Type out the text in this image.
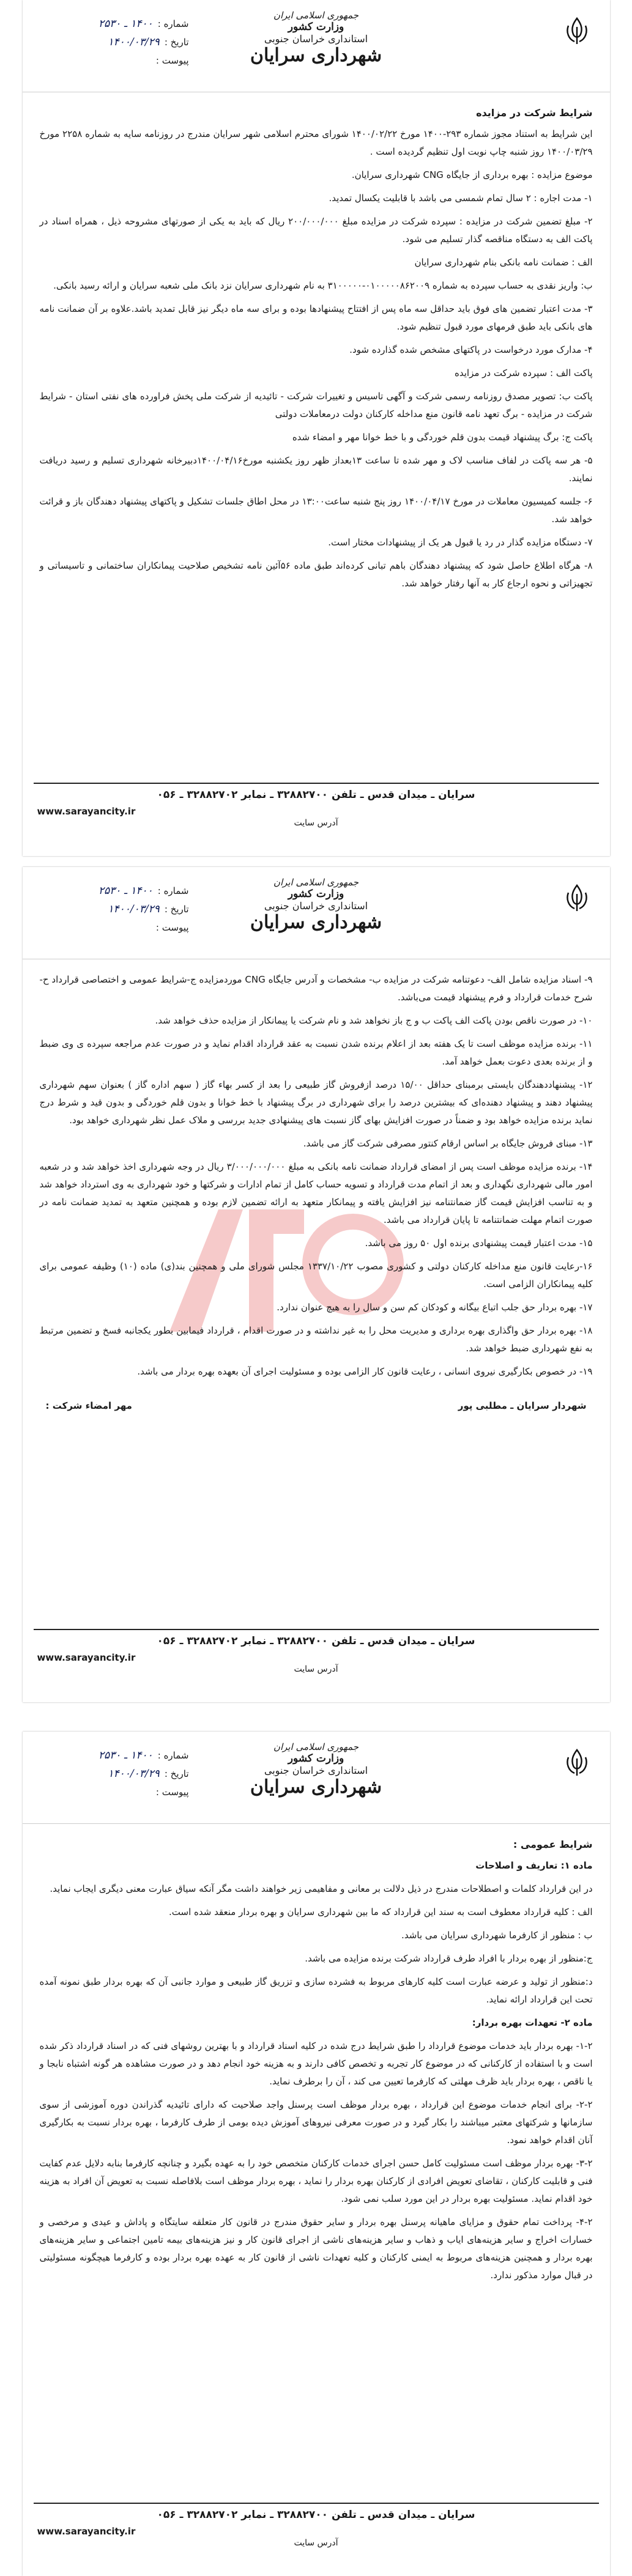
جمهوری اسلامی ایران
وزارت کشور
استانداری خراسان جنوبی
شهرداری سرایان
شماره :
۱۴۰۰ ـ ۲۵۳۰
تاریخ :
۱۴۰۰/۰۳/۲۹
پیوست :
شرایط شرکت در مزایده

این شرایط به استناد مجوز شماره ۲۹۳-۱۴۰۰ مورخ ۱۴۰۰/۰۲/۲۲ شورای محترم اسلامی شهر سرایان مندرج در روزنامه سایه به شماره ۲۲۵۸ مورخ ۱۴۰۰/۰۳/۲۹ روز شنبه چاپ نوبت اول تنظیم گردیده است .

موضوع مزایده : بهره برداری از جایگاه CNG شهرداری سرایان.

۱- مدت اجاره : ۲ سال تمام شمسی می باشد با قابلیت یکسال تمدید.

۲- مبلغ تضمین شرکت در مزایده : سپرده شرکت در مزایده مبلغ ۲۰۰/۰۰۰/۰۰۰ ریال که باید به یکی از صورتهای مشروحه ذیل ، همراه اسناد در پاکت الف به دستگاه مناقصه گذار تسلیم می شود.

الف : ضمانت نامه بانکی بنام شهرداری سرایان

ب: واریز نقدی به حساب سپرده به شماره ۰۱۰۰۰۰۰۸۶۲۰۰۹-۳۱۰۰۰۰۰ به نام شهرداری سرایان نزد بانک ملی شعبه سرایان و ارائه رسید بانکی.

۳- مدت اعتبار تضمین های فوق باید حداقل سه ماه پس از افتتاح پیشنهادها بوده و برای سه ماه دیگر نیز قابل تمدید باشد.علاوه بر آن ضمانت نامه های بانکی باید طبق فرمهای مورد قبول تنظیم شود.

۴- مدارک مورد درخواست در پاکتهای مشخص شده گذارده شود.

پاکت الف : سپرده شرکت در مزایده

پاکت ب: تصویر مصدق روزنامه رسمی شرکت و آگهی تاسیس و تغییرات شرکت - تائیدیه از شرکت ملی پخش فراورده های نفتی استان - شرایط شرکت در مزایده - برگ تعهد نامه قانون منع مداخله کارکنان دولت درمعاملات دولتی

پاکت ج: برگ پیشنهاد قیمت بدون قلم خوردگی و با خط خوانا مهر و امضاء شده

۵- هر سه پاکت در لفاف مناسب لاک و مهر شده تا ساعت ۱۳بعداز ظهر روز یکشنبه مورخ۱۴۰۰/۰۴/۱۶دبیرخانه شهرداری تسلیم و رسید دریافت نمایند.

۶- جلسه کمیسیون معاملات در مورخ ۱۴۰۰/۰۴/۱۷ روز پنج شنبه ساعت۱۳:۰۰ در محل اطاق جلسات تشکیل و پاکتهای پیشنهاد دهندگان باز و قرائت خواهد شد.

۷- دستگاه مزایده گذار در رد یا قبول هر یک از پیشنهادات مختار است.

۸- هرگاه اطلاع حاصل شود که پیشنهاد دهندگان باهم تبانی کرده‌اند طبق ماده ۵۶آئین نامه تشخیص صلاحیت پیمانکاران ساختمانی و تاسیساتی و تجهیزاتی و نحوه ارجاع کار به آنها رفتار خواهد شد.

سرایان ـ میدان قدس ـ تلفن ۳۲۸۸۲۷۰۰ ـ نمابر ۳۲۸۸۲۷۰۲ ـ ۰۵۶
www.sarayancity.ir
آدرس سایت
جمهوری اسلامی ایران
وزارت کشور
استانداری خراسان جنوبی
شهرداری سرایان
شماره :
۱۴۰۰ ـ ۲۵۳۰
تاریخ :
۱۴۰۰/۰۳/۲۹
پیوست :

۹- اسناد مزایده شامل الف- دعوتنامه شرکت در مزایده ب- مشخصات و آدرس جایگاه CNG موردمزایده ج-شرایط عمومی و اختصاصی قرارداد ح-شرح خدمات قرارداد و فرم پیشنهاد قیمت می‌باشد.

۱۰- در صورت ناقص بودن پاکت الف پاکت ب و ج باز نخواهد شد و نام شرکت یا پیمانکار از مزایده حذف خواهد شد.

۱۱- برنده مزایده موظف است تا یک هفته بعد از اعلام برنده شدن نسبت به عقد قرارداد اقدام نماید و در صورت عدم مراجعه سپرده ی وی ضبط و از برنده بعدی دعوت بعمل خواهد آمد.

۱۲- پیشنهاددهندگان بایستی برمبنای حداقل ۱۵/۰۰ درصد ازفروش گاز طبیعی را بعد از کسر بهاء گاز ( سهم اداره گاز ) بعنوان سهم شهرداری پیشنهاد دهند و پیشنهاد دهنده‌ای که بیشترین درصد را برای شهرداری در برگ پیشنهاد با خط خوانا و بدون قلم خوردگی و بدون قید و شرط درج نماید برنده مزایده خواهد بود و ضمناً در صورت افزایش بهای گاز نسبت های پیشنهادی جدید بررسی و ملاک عمل نظر شهرداری خواهد بود.

۱۳- مبنای فروش جایگاه بر اساس ارقام کنتور مصرفی شرکت گاز می باشد.

۱۴- برنده مزایده موظف است پس از امضای قرارداد ضمانت نامه بانکی به مبلغ ۳/۰۰۰/۰۰۰/۰۰۰ ریال در وجه شهرداری اخذ خواهد شد و در شعبه امور مالی شهرداری نگهداری و بعد از اتمام مدت قرارداد و تسویه حساب کامل از تمام ادارات و شرکتها و خود شهرداری به وی استرداد خواهد شد و به تناسب افزایش قیمت گاز ضمانتنامه نیز افزایش یافته و پیمانکار متعهد به ارائه تضمین لازم بوده و همچنین متعهد به تمدید ضمانت نامه در صورت اتمام مهلت ضمانتنامه تا پایان قرارداد می باشد.

۱۵- مدت اعتبار قیمت پیشنهادی برنده اول ۵۰ روز می باشد.

۱۶-رعایت قانون منع مداخله کارکنان دولتی و کشوری مصوب ۱۳۳۷/۱۰/۲۲ مجلس شورای ملی و همچنین بند(ی) ماده (۱۰) وظیفه عمومی برای کلیه پیمانکاران الزامی است.

۱۷- بهره بردار حق جلب اتباع بیگانه و کودکان کم سن و سال را به هیچ عنوان ندارد.

۱۸- بهره بردار حق واگذاری بهره برداری و مدیریت محل را به غیر نداشته و در صورت اقدام ، قرارداد فیمابین بطور یکجانبه فسخ و تضمین مرتبط به نفع شهرداری ضبط خواهد شد.

۱۹- در خصوص بکارگیری نیروی انسانی ، رعایت قانون کار الزامی بوده و مسئولیت اجرای آن بعهده بهره بردار می باشد.

شهردار سرایان ـ مطلبی پور
مهر امضاء شرکت :
سرایان ـ میدان قدس ـ تلفن ۳۲۸۸۲۷۰۰ ـ نمابر ۳۲۸۸۲۷۰۲ ـ ۰۵۶
www.sarayancity.ir
آدرس سایت
جمهوری اسلامی ایران
وزارت کشور
استانداری خراسان جنوبی
شهرداری سرایان
شماره :
۱۴۰۰ ـ ۲۵۳۰
تاریخ :
۱۴۰۰/۰۳/۲۹
پیوست :
شرایط عمومی :

ماده ۱: تعاریف و اصلاحات

در این قرارداد کلمات و اصطلاحات مندرج در ذیل دلالت بر معانی و مفاهیمی زیر خواهند داشت مگر آنکه سیاق عبارت معنی دیگری ایجاب نماید.

الف : کلیه قرارداد معطوف است به سند این قرارداد که ما بین شهرداری سرایان و بهره بردار منعقد شده است.

ب : منظور از کارفرما شهرداری سرایان می باشد.

ج:منظور از بهره بردار با افراد طرف قرارداد شرکت برنده مزایده می باشد.

د:منظور از تولید و عرضه عبارت است کلیه کارهای مربوط به فشرده سازی و تزریق گاز طبیعی و موارد جانبی آن که بهره بردار طبق نمونه آمده تحت این قرارداد ارائه نماید.

ماده ۲- تعهدات بهره بردار:

۱-۲- بهره بردار باید خدمات موضوع قرارداد را طبق شرایط درج شده در کلیه اسناد قرارداد و با بهترین روشهای فنی که در اسناد قرارداد ذکر شده است و با استفاده از کارکنانی که در موضوع کار تجربه و تخصص کافی دارند و به هزینه خود انجام دهد و در صورت مشاهده هر گونه اشتباه نابجا و یا ناقص ، بهره بردار باید ظرف مهلتی که کارفرما تعیین می کند ، آن را برطرف نماید.

۲-۲- برای انجام خدمات موضوع این قرارداد ، بهره بردار موظف است پرسنل واجد صلاحیت که دارای تائیدیه گذراندن دوره آموزشی از سوی سازمانها و شرکتهای معتبر میباشند را بکار گیرد و در صورت معرفی نیروهای آموزش دیده بومی از طرف کارفرما ، بهره بردار نسبت به بکارگیری آنان اقدام خواهد نمود.

۳-۲- بهره بردار موظف است مسئولیت کامل حسن اجرای خدمات کارکنان متخصص خود را به عهده بگیرد و چنانچه کارفرما بنابه دلایل عدم کفایت فنی و قابلیت کارکنان ، تقاضای تعویض افرادی از کارکنان بهره بردار را نماید ، بهره بردار موظف است بلافاصله نسبت به تعویض آن افراد به هزینه خود اقدام نماید. مسئولیت بهره بردار در این مورد سلب نمی شود.

۴-۲- پرداخت تمام حقوق و مزایای ماهیانه پرسنل بهره بردار و سایر حقوق مندرج در قانون کار متعلقه سایتگاه و پاداش و عیدی و مرخصی و خسارات اخراج و سایر هزینه‌های ایاب و ذهاب و سایر هزینه‌های ناشی از اجرای قانون کار و نیز هزینه‌های بیمه تامین اجتماعی و سایر هزینه‌های بهره بردار و همچنین هزینه‌های مربوط به ایمنی کارکنان و کلیه تعهدات ناشی از قانون کار به عهده بهره بردار بوده و کارفرما هیچگونه مسئولیتی در قبال موارد مذکور ندارد.

سرایان ـ میدان قدس ـ تلفن ۳۲۸۸۲۷۰۰ ـ نمابر ۳۲۸۸۲۷۰۲ ـ ۰۵۶
www.sarayancity.ir
آدرس سایت
